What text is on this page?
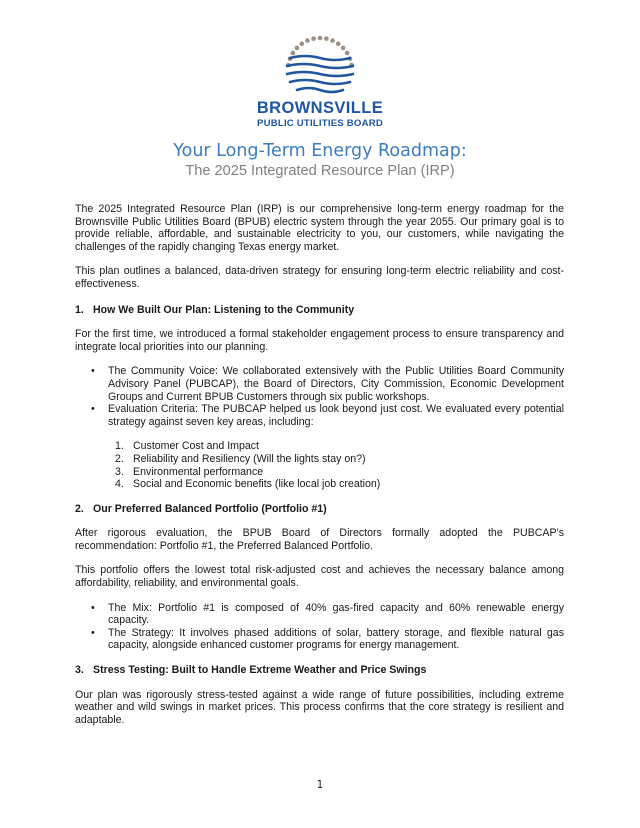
BROWNSVILLE
PUBLIC UTILITIES BOARD
Your Long-Term Energy Roadmap:
The 2025 Integrated Resource Plan (IRP)

The 2025 Integrated Resource Plan (IRP) is our comprehensive long-term energy roadmap for the Brownsville Public Utilities Board (BPUB) electric system through the year 2055. Our primary goal is to provide reliable, affordable, and sustainable electricity to you, our customers, while navigating the challenges of the rapidly changing Texas energy market.

This plan outlines a balanced, data-driven strategy for ensuring long-term electric reliability and cost-effectiveness.

1. How We Built Our Plan: Listening to the Community

For the first time, we introduced a formal stakeholder engagement process to ensure transparency and integrate local priorities into our planning.

• The Community Voice: We collaborated extensively with the Public Utilities Board Community Advisory Panel (PUBCAP), the Board of Directors, City Commission, Economic Development Groups and Current BPUB Customers through six public workshops.
• Evaluation Criteria: The PUBCAP helped us look beyond just cost. We evaluated every potential strategy against seven key areas, including:
1. Customer Cost and Impact
2. Reliability and Resiliency (Will the lights stay on?)
3. Environmental performance
4. Social and Economic benefits (like local job creation)
2. Our Preferred Balanced Portfolio (Portfolio #1)

After rigorous evaluation, the BPUB Board of Directors formally adopted the PUBCAP’s recommendation: Portfolio #1, the Preferred Balanced Portfolio.

This portfolio offers the lowest total risk-adjusted cost and achieves the necessary balance among affordability, reliability, and environmental goals.

• The Mix: Portfolio #1 is composed of 40% gas-fired capacity and 60% renewable energy capacity.
• The Strategy: It involves phased additions of solar, battery storage, and flexible natural gas capacity, alongside enhanced customer programs for energy management.
3. Stress Testing: Built to Handle Extreme Weather and Price Swings

Our plan was rigorously stress-tested against a wide range of future possibilities, including extreme weather and wild swings in market prices. This process confirms that the core strategy is resilient and adaptable.

1
